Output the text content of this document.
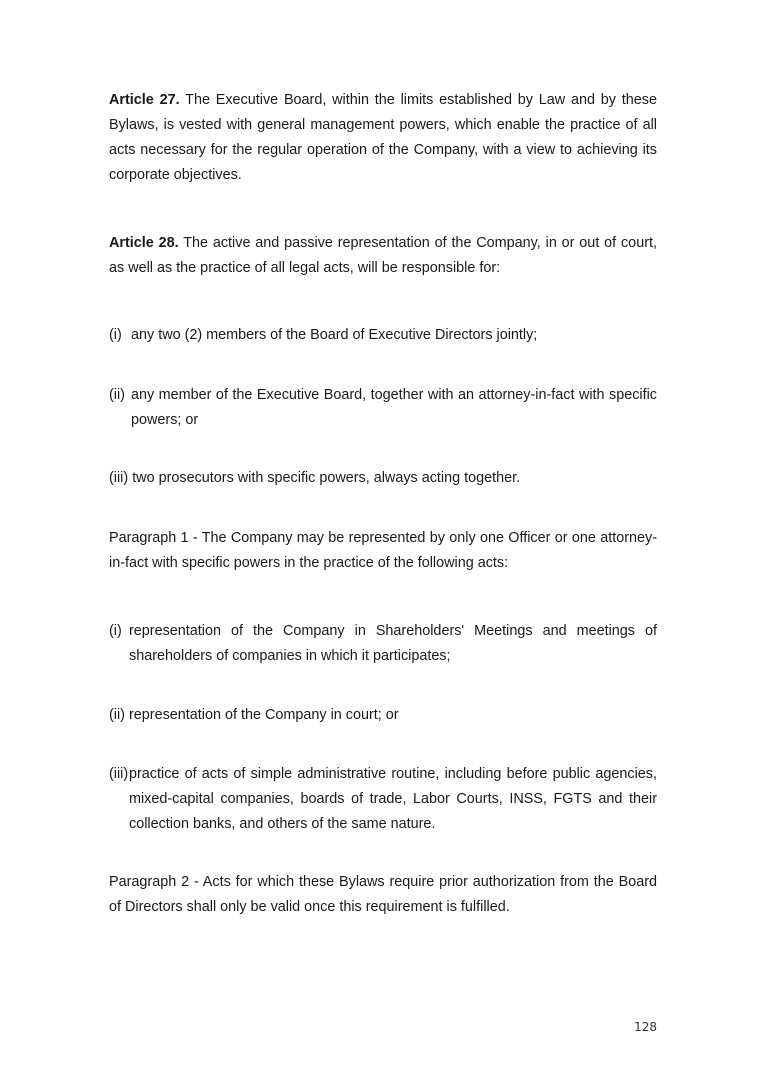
Article 27. The Executive Board, within the limits established by Law and by these Bylaws, is vested with general management powers, which enable the practice of all acts necessary for the regular operation of the Company, with a view to achieving its corporate objectives.

Article 28. The active and passive representation of the Company, in or out of court, as well as the practice of all legal acts, will be responsible for:

(i) any two (2) members of the Board of Executive Directors jointly;
(ii) any member of the Executive Board, together with an attorney-in-fact with specific powers; or
(iii) two prosecutors with specific powers, always acting together.

Paragraph 1 - The Company may be represented by only one Officer or one attorney-in-fact with specific powers in the practice of the following acts:

(i) representation of the Company in Shareholders' Meetings and meetings of shareholders of companies in which it participates;
(ii) representation of the Company in court; or
(iii) practice of acts of simple administrative routine, including before public agencies, mixed-capital companies, boards of trade, Labor Courts, INSS, FGTS and their collection banks, and others of the same nature.

Paragraph 2 - Acts for which these Bylaws require prior authorization from the Board of Directors shall only be valid once this requirement is fulfilled.

128
